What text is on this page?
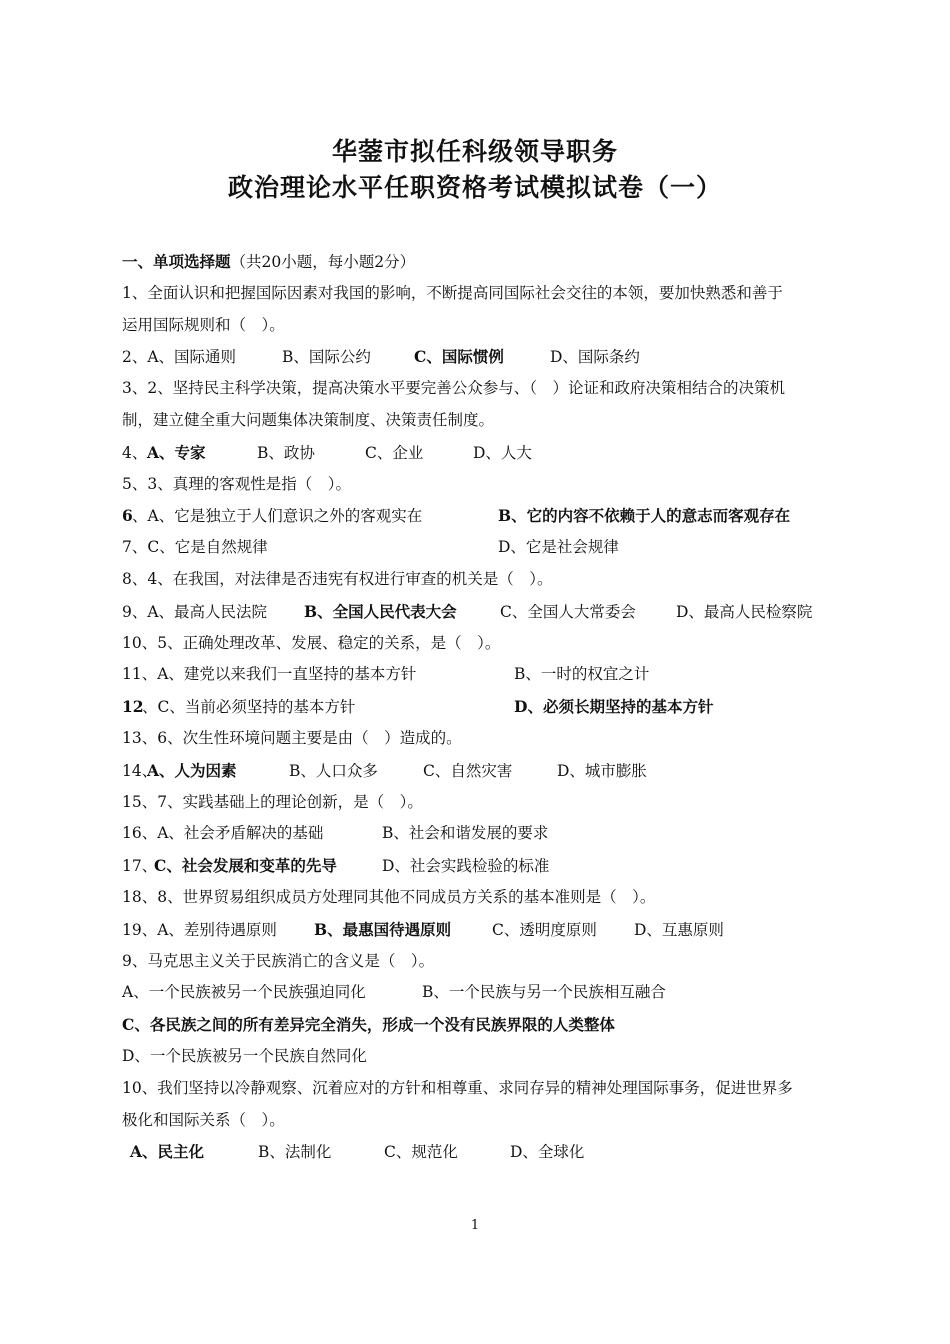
华蓥市拟任科级领导职务
政治理论水平任职资格考试模拟试卷（一）
一、单项选择题（共20小题，每小题2分）
1、全面认识和把握国际因素对我国的影响，不断提高同国际社会交往的本领，要加快熟悉和善于
运用国际规则和（　）。
2、A、国际通则	B、国际公约	C、国际惯例	D、国际条约
3、2、坚持民主科学决策，提高决策水平要完善公众参与、（　）论证和政府决策相结合的决策机
制，建立健全重大问题集体决策制度、决策责任制度。
4、A、专家	B、政协	C、企业	D、人大
5、3、真理的客观性是指（　）。
6、A、它是独立于人们意识之外的客观实在	B、它的内容不依赖于人的意志而客观存在
7、C、它是自然规律	D、它是社会规律
8、4、在我国，对法律是否违宪有权进行审查的机关是（　）。
9、A、最高人民法院 B、全国人民代表大会	C、全国人大常委会	D、最高人民检察院
10、5、正确处理改革、发展、稳定的关系，是（　）。
11、A、建党以来我们一直坚持的基本方针	B、一时的权宜之计
12、C、当前必须坚持的基本方针	D、必须长期坚持的基本方针
13、6、次生性环境问题主要是由（　）造成的。
14、A、人为因素	B、人口众多	C、自然灾害	D、城市膨胀
15、7、实践基础上的理论创新，是（　）。
16、A、社会矛盾解决的基础	B、社会和谐发展的要求
17、C、社会发展和变革的先导	D、社会实践检验的标准
18、8、世界贸易组织成员方处理同其他不同成员方关系的基本准则是（　）。
19、A、差别待遇原则 B、最惠国待遇原则	C、透明度原则 D、互惠原则
9、马克思主义关于民族消亡的含义是（　）。
A、一个民族被另一个民族强迫同化	B、一个民族与另一个民族相互融合
C、各民族之间的所有差异完全消失，形成一个没有民族界限的人类整体
D、一个民族被另一个民族自然同化
10、我们坚持以冷静观察、沉着应对的方针和相尊重、求同存异的精神处理国际事务，促进世界多
极化和国际关系（　）。
A、民主化	B、法制化	C、规范化	D、全球化
1
